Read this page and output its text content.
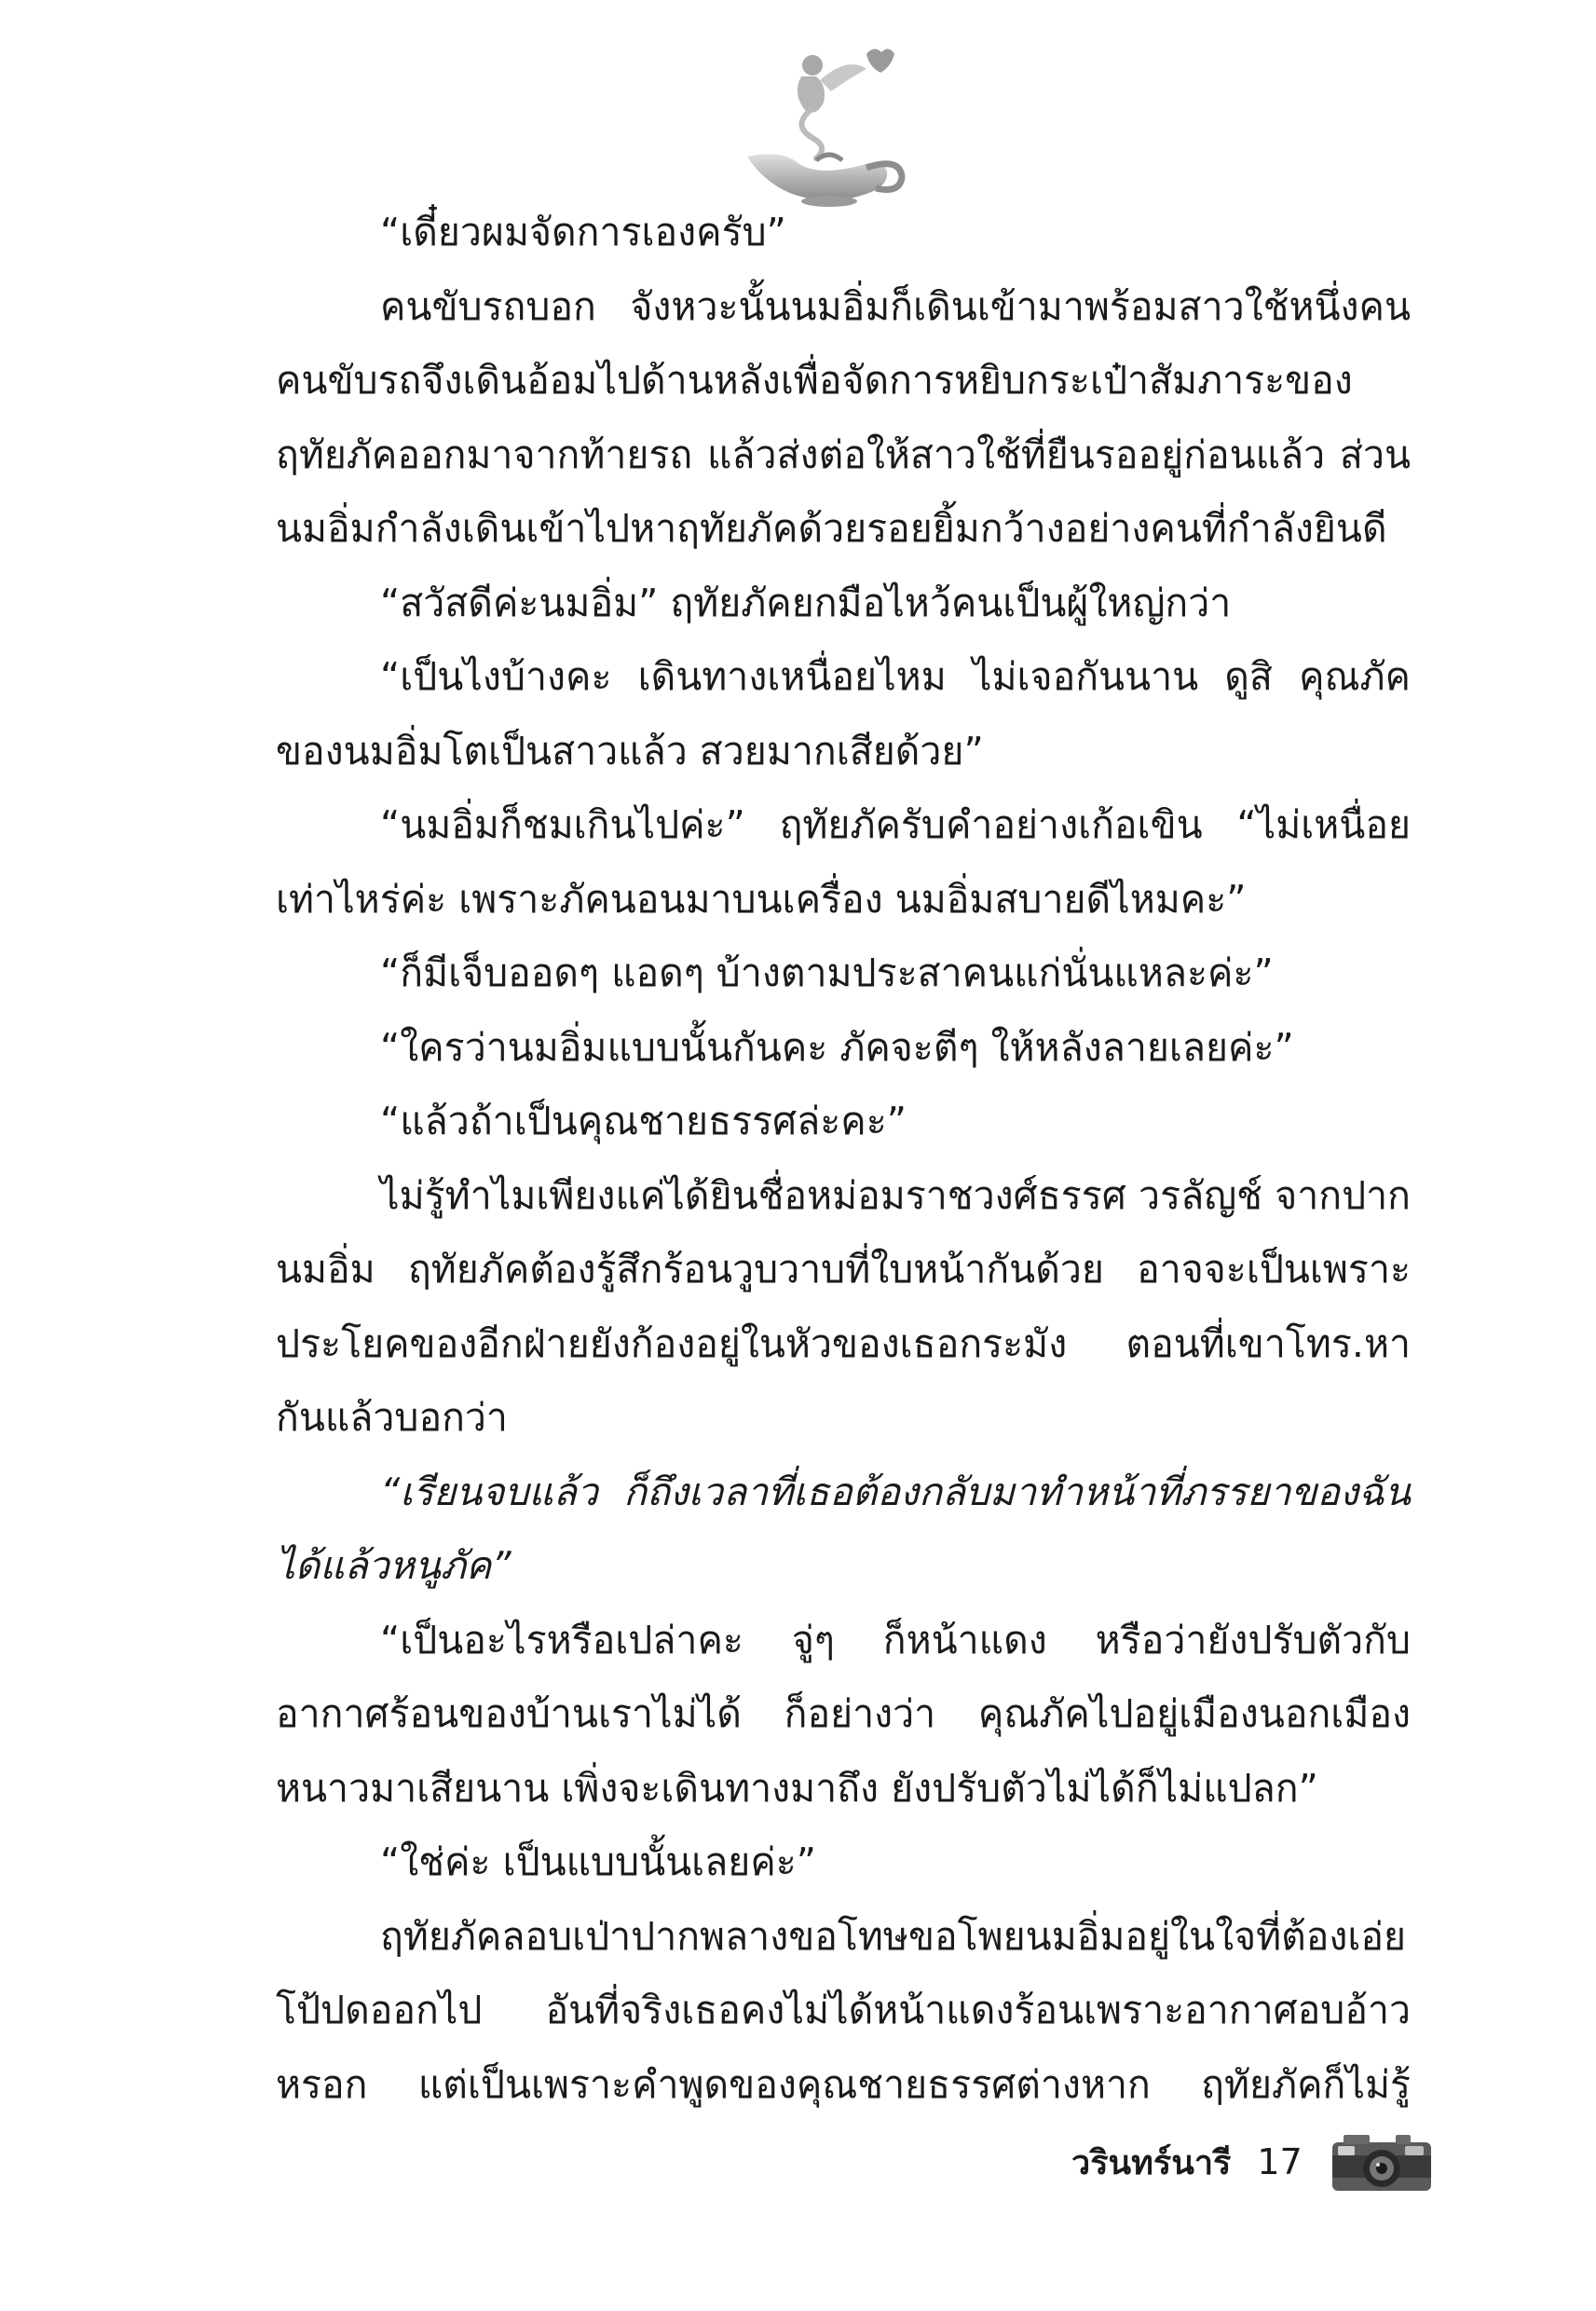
“เดี๋ยวผมจัดการเองครับ”

คนขับรถบอก จังหวะนั้นนมอิ่มก็เดินเข้ามาพร้อมสาวใช้หนึ่งคน คนขับรถจึงเดินอ้อมไปด้านหลังเพื่อจัดการหยิบกระเป๋าสัมภาระของฤทัยภัคออกมาจากท้ายรถ แล้วส่งต่อให้สาวใช้ที่ยืนรออยู่ก่อนแล้ว ส่วนนมอิ่มกำลังเดินเข้าไปหาฤทัยภัคด้วยรอยยิ้มกว้างอย่างคนที่กำลังยินดี

“สวัสดีค่ะนมอิ่ม” ฤทัยภัคยกมือไหว้คนเป็นผู้ใหญ่กว่า

“เป็นไงบ้างคะ เดินทางเหนื่อยไหม ไม่เจอกันนาน ดูสิ คุณภัคของนมอิ่มโตเป็นสาวแล้ว สวยมากเสียด้วย”

“นมอิ่มก็ชมเกินไปค่ะ” ฤทัยภัครับคำอย่างเก้อเขิน “ไม่เหนื่อยเท่าไหร่ค่ะ เพราะภัคนอนมาบนเครื่อง นมอิ่มสบายดีไหมคะ”

“ก็มีเจ็บออดๆ แอดๆ บ้างตามประสาคนแก่นั่นแหละค่ะ”

“ใครว่านมอิ่มแบบนั้นกันคะ ภัคจะตีๆ ให้หลังลายเลยค่ะ”

“แล้วถ้าเป็นคุณชายธรรศล่ะคะ”

ไม่รู้ทำไมเพียงแค่ได้ยินชื่อหม่อมราชวงศ์ธรรศ วรลัญช์ จากปากนมอิ่ม ฤทัยภัคต้องรู้สึกร้อนวูบวาบที่ใบหน้ากันด้วย อาจจะเป็นเพราะประโยคของอีกฝ่ายยังก้องอยู่ในหัวของเธอกระมัง ตอนที่เขาโทร.หากันแล้วบอกว่า

“เรียนจบแล้ว ก็ถึงเวลาที่เธอต้องกลับมาทำหน้าที่ภรรยาของฉันได้แล้วหนูภัค”

“เป็นอะไรหรือเปล่าคะ จู่ๆ ก็หน้าแดง หรือว่ายังปรับตัวกับอากาศร้อนของบ้านเราไม่ได้ ก็อย่างว่า คุณภัคไปอยู่เมืองนอกเมืองหนาวมาเสียนาน เพิ่งจะเดินทางมาถึง ยังปรับตัวไม่ได้ก็ไม่แปลก”

“ใช่ค่ะ เป็นแบบนั้นเลยค่ะ”

ฤทัยภัคลอบเป่าปากพลางขอโทษขอโพยนมอิ่มอยู่ในใจที่ต้องเอ่ยโป้ปดออกไป อันที่จริงเธอคงไม่ได้หน้าแดงร้อนเพราะอากาศอบอ้าวหรอก แต่เป็นเพราะคำพูดของคุณชายธรรศต่างหาก ฤทัยภัคก็ไม่รู้

วรินทร์นารี 17
